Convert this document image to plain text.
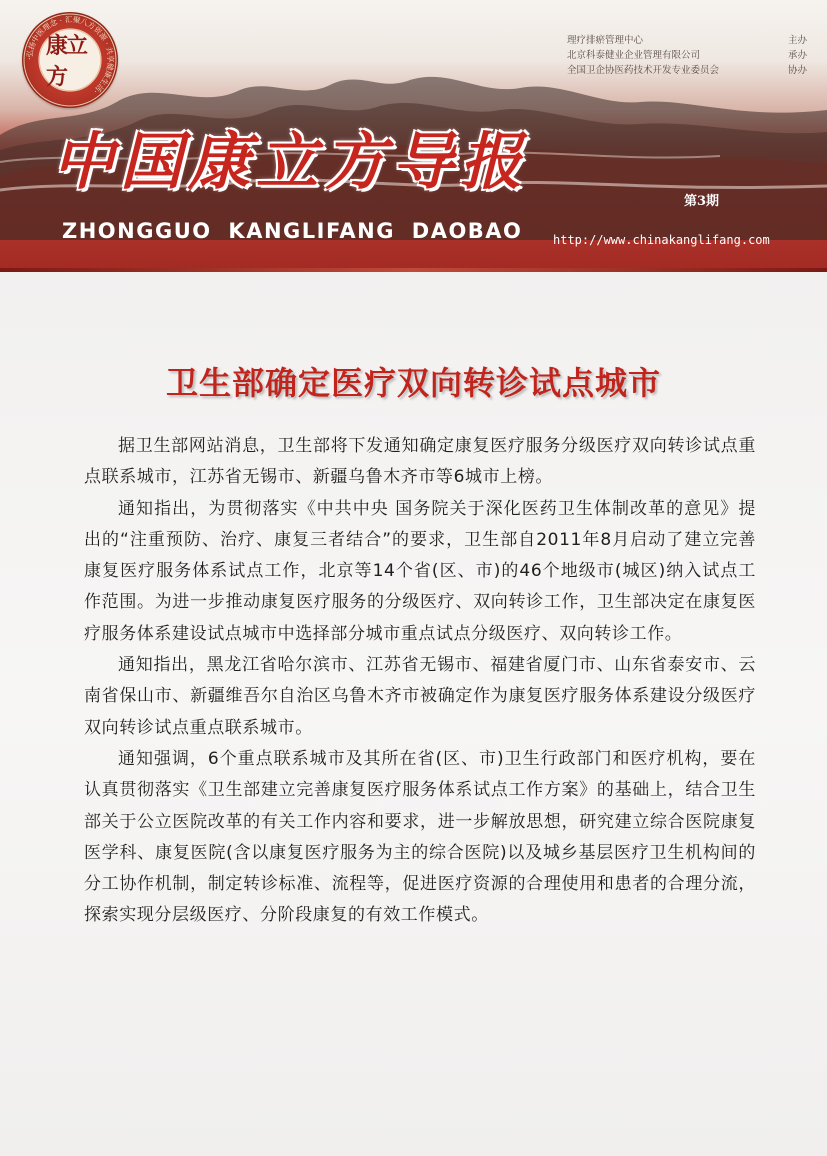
·弘扬中医理念 · 汇聚八方资源 · 共享健康生活·
康立方
理疗排瘀管理中心	主办
北京科泰健业企业管理有限公司	承办
全国卫企协医药技术开发专业委员会	协办
中国康立方导报
第3期
ZHONGGUO KANGLIFANG DAOBAO	http://www.chinakanglifang.com
卫生部确定医疗双向转诊试点城市

据卫生部网站消息，卫生部将下发通知确定康复医疗服务分级医疗双向转诊试点重点联系城市，江苏省无锡市、新疆乌鲁木齐市等6城市上榜。

通知指出，为贯彻落实《中共中央 国务院关于深化医药卫生体制改革的意见》提出的“注重预防、治疗、康复三者结合”的要求，卫生部自2011年8月启动了建立完善康复医疗服务体系试点工作，北京等14个省(区、市)的46个地级市(城区)纳入试点工作范围。为进一步推动康复医疗服务的分级医疗、双向转诊工作，卫生部决定在康复医疗服务体系建设试点城市中选择部分城市重点试点分级医疗、双向转诊工作。

通知指出，黑龙江省哈尔滨市、江苏省无锡市、福建省厦门市、山东省泰安市、云南省保山市、新疆维吾尔自治区乌鲁木齐市被确定作为康复医疗服务体系建设分级医疗双向转诊试点重点联系城市。

通知强调，6个重点联系城市及其所在省(区、市)卫生行政部门和医疗机构，要在认真贯彻落实《卫生部建立完善康复医疗服务体系试点工作方案》的基础上，结合卫生部关于公立医院改革的有关工作内容和要求，进一步解放思想，研究建立综合医院康复医学科、康复医院(含以康复医疗服务为主的综合医院)以及城乡基层医疗卫生机构间的分工协作机制，制定转诊标准、流程等，促进医疗资源的合理使用和患者的合理分流，探索实现分层级医疗、分阶段康复的有效工作模式。
